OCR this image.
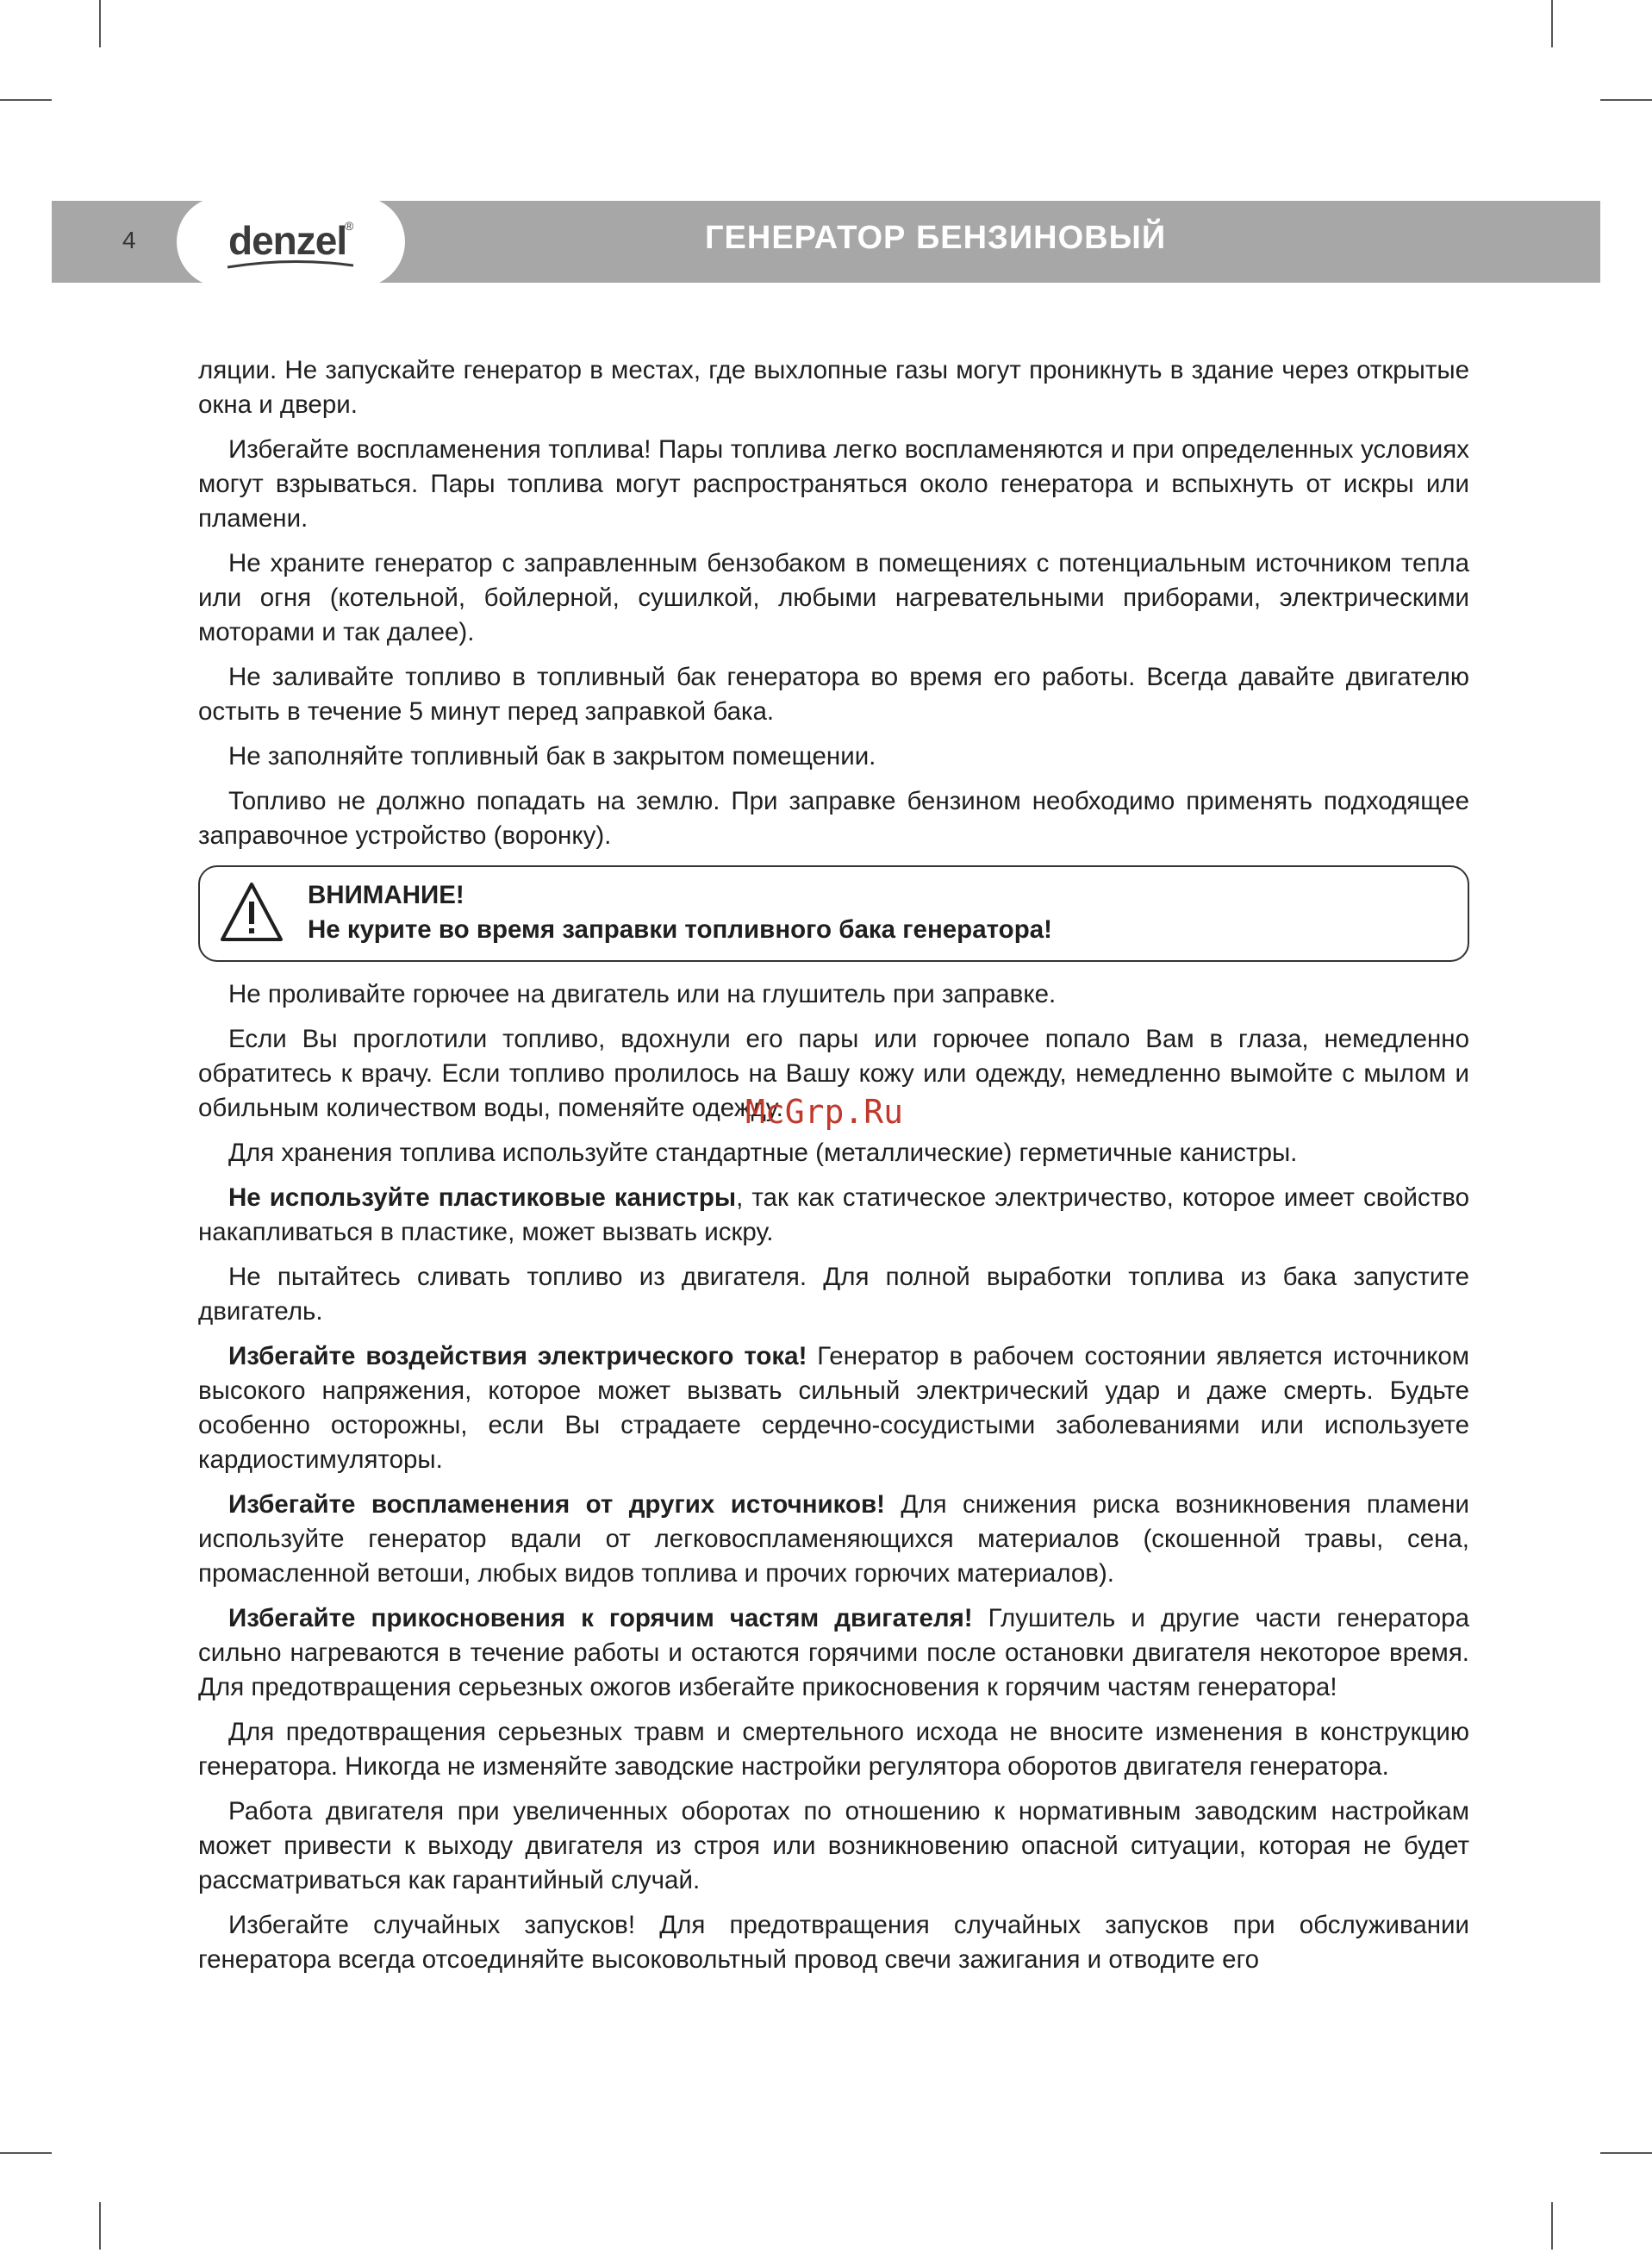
4 denzel
®	ГЕНЕРАТОР БЕНЗИНОВЫЙ

ляции. Не запускайте генератор в местах, где выхлопные газы могут проникнуть в здание через открытые окна и двери.

Избегайте воспламенения топлива! Пары топлива легко воспламеняются и при определенных условиях могут взрываться. Пары топлива могут распространяться около генератора и вспыхнуть от искры или пламени.

Не храните генератор с заправленным бензобаком в помещениях с потенциальным источником тепла или огня (котельной, бойлерной, сушилкой, любыми нагревательными приборами, электрическими моторами и так далее).

Не заливайте топливо в топливный бак генератора во время его работы. Всегда давайте двигателю остыть в течение 5 минут перед заправкой бака.

Не заполняйте топливный бак в закрытом помещении.

Топливо не должно попадать на землю. При заправке бензином необходимо применять подходящее заправочное устройство (воронку).

ВНИМАНИЕ!
Не курите во время заправки топливного бака генератора!

Не проливайте горючее на двигатель или на глушитель при заправке.

Если Вы проглотили топливо, вдохнули его пары или горючее попало Вам в глаза, немедленно обратитесь к врачу. Если топливо пролилось на Вашу кожу или одежду, немедленно вымойте с мылом и обильным количеством воды, поменяйте одежду.

Для хранения топлива используйте стандартные (металлические) герметичные канистры.

Не используйте пластиковые канистры, так как статическое электричество, которое имеет свойство накапливаться в пластике, может вызвать искру.

Не пытайтесь сливать топливо из двигателя. Для полной выработки топлива из бака запустите двигатель.

Избегайте воздействия электрического тока! Генератор в рабочем состоянии является источником высокого напряжения, которое может вызвать сильный электрический удар и даже смерть. Будьте особенно осторожны, если Вы страдаете сердечно-сосудистыми заболеваниями или используете кардиостимуляторы.

Избегайте воспламенения от других источников! Для снижения риска возникновения пламени используйте генератор вдали от легковоспламеняющихся материалов (скошенной травы, сена, промасленной ветоши, любых видов топлива и прочих горючих материалов).

Избегайте прикосновения к горячим частям двигателя! Глушитель и другие части генератора сильно нагреваются в течение работы и остаются горячими после остановки двигателя некоторое время. Для предотвращения серьезных ожогов избегайте прикосновения к горячим частям генератора!

Для предотвращения серьезных травм и смертельного исхода не вносите изменения в конструкцию генератора. Никогда не изменяйте заводские настройки регулятора оборотов двигателя генератора.

Работа двигателя при увеличенных оборотах по отношению к нормативным заводским настройкам может привести к выходу двигателя из строя или возникновению опасной ситуации, которая не будет рассматриваться как гарантийный случай.

Избегайте случайных запусков! Для предотвращения случайных запусков при обслуживании генератора всегда отсоединяйте высоковольтный провод свечи зажигания и отводите его

McGrp.Ru
